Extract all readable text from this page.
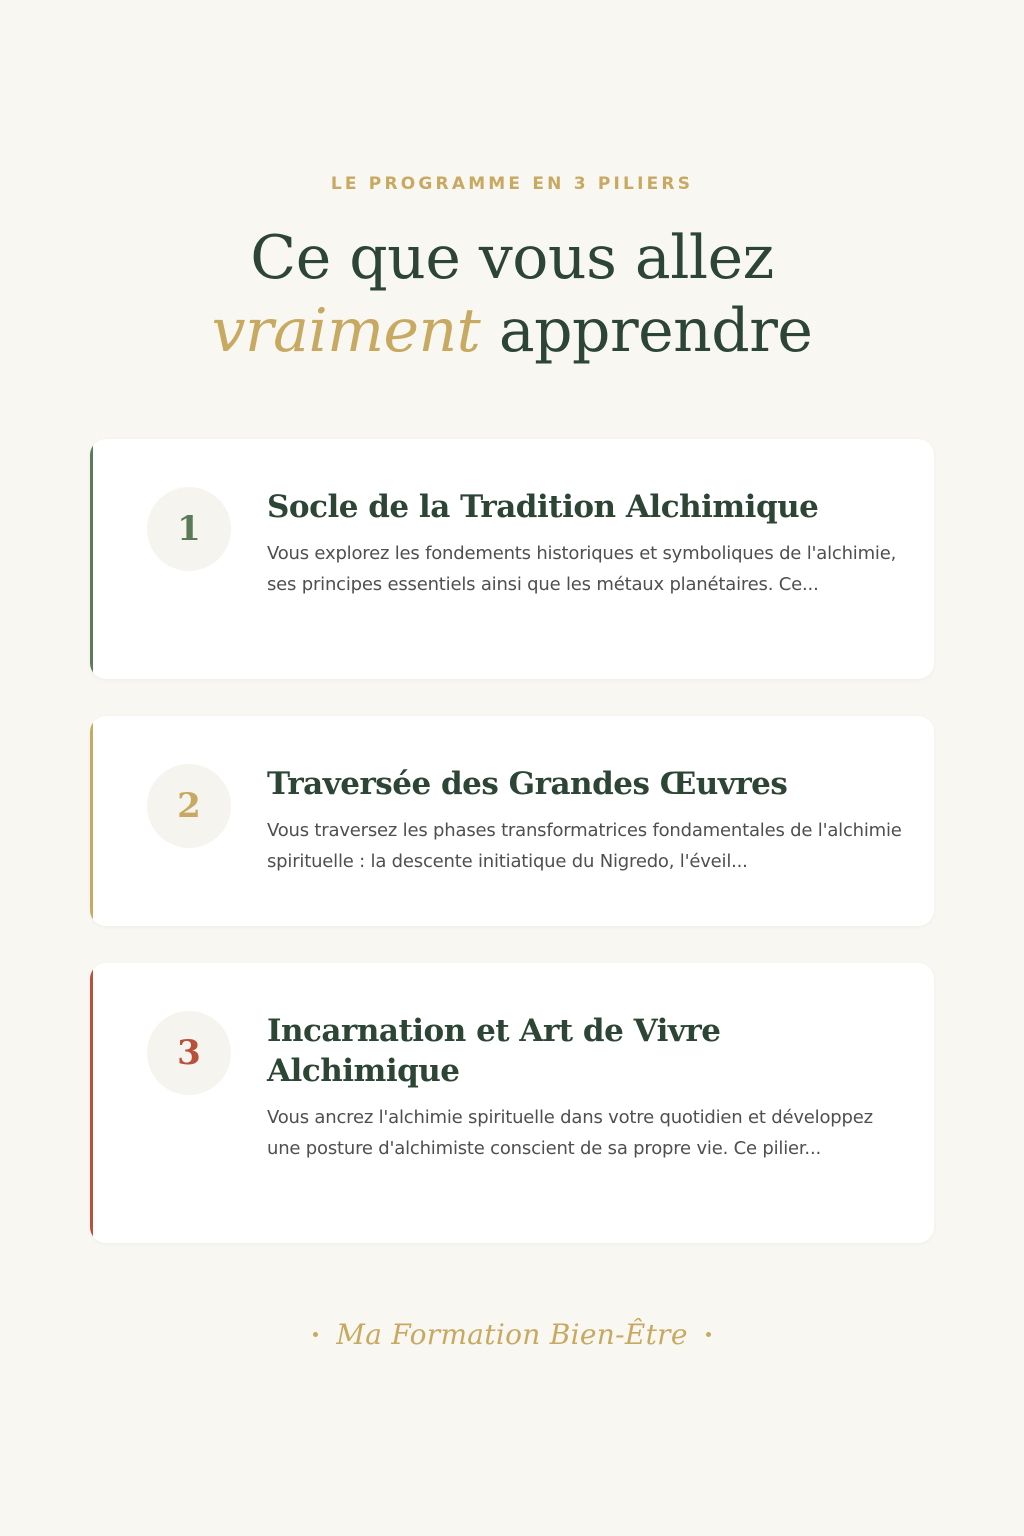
LE PROGRAMME EN 3 PILIERS
Ce que vous allez
vraiment apprendre
1
Socle de la Tradition Alchimique

Vous explorez les fondements historiques et symboliques de l'alchimie, ses principes essentiels ainsi que les métaux planétaires. Ce...

2
Traversée des Grandes Œuvres

Vous traversez les phases transformatrices fondamentales de l'alchimie spirituelle : la descente initiatique du Nigredo, l'éveil...

3
Incarnation et Art de Vivre Alchimique

Vous ancrez l'alchimie spirituelle dans votre quotidien et développez une posture d'alchimiste conscient de sa propre vie. Ce pilier...

Ma Formation Bien-Être
